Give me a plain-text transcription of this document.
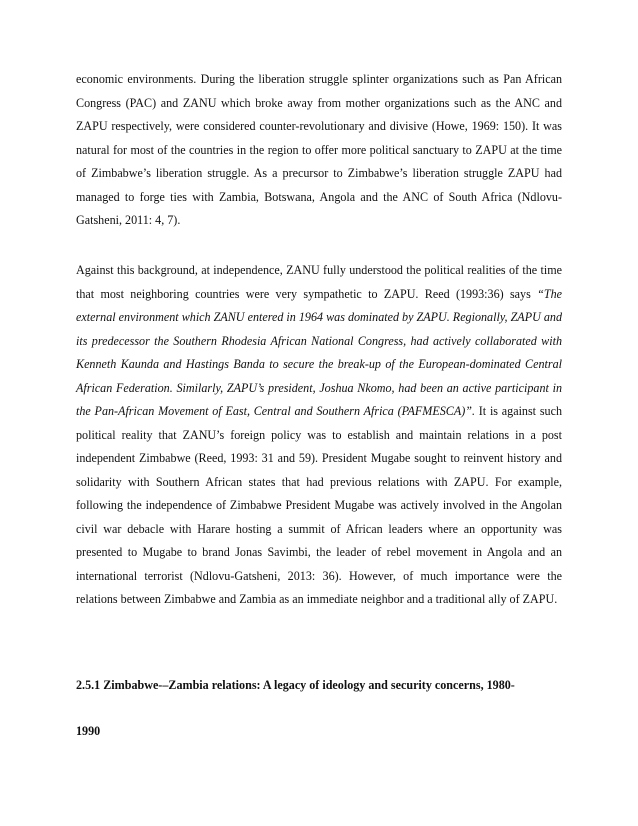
economic environments. During the liberation struggle splinter organizations such as Pan African Congress (PAC) and ZANU which broke away from mother organizations such as the ANC and ZAPU respectively, were considered counter-revolutionary and divisive (Howe, 1969: 150). It was natural for most of the countries in the region to offer more political sanctuary to ZAPU at the time of Zimbabwe’s liberation struggle. As a precursor to Zimbabwe’s liberation struggle ZAPU had managed to forge ties with Zambia, Botswana, Angola and the ANC of South Africa (Ndlovu-Gatsheni, 2011: 4, 7).

Against this background, at independence, ZANU fully understood the political realities of the time that most neighboring countries were very sympathetic to ZAPU. Reed (1993:36) says “The external environment which ZANU entered in 1964 was dominated by ZAPU. Regionally, ZAPU and its predecessor the Southern Rhodesia African National Congress, had actively collaborated with Kenneth Kaunda and Hastings Banda to secure the break-up of the European-dominated Central African Federation. Similarly, ZAPU’s president, Joshua Nkomo, had been an active participant in the Pan-African Movement of East, Central and Southern Africa (PAFMESCA)”. It is against such political reality that ZANU’s foreign policy was to establish and maintain relations in a post independent Zimbabwe (Reed, 1993: 31 and 59). President Mugabe sought to reinvent history and solidarity with Southern African states that had previous relations with ZAPU. For example, following the independence of Zimbabwe President Mugabe was actively involved in the Angolan civil war debacle with Harare hosting a summit of African leaders where an opportunity was presented to Mugabe to brand Jonas Savimbi, the leader of rebel movement in Angola and an international terrorist (Ndlovu-Gatsheni, 2013: 36). However, of much importance were the relations between Zimbabwe and Zambia as an immediate neighbor and a traditional ally of ZAPU.

2.5.1 Zimbabwe-–Zambia relations: A legacy of ideology and security concerns, 1980-
1990
